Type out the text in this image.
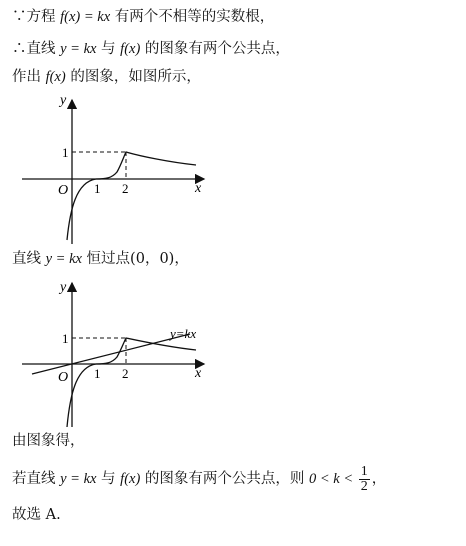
∵方程 f(x) = kx 有两个不相等的实数根，
∴直线 y = kx 与 f(x) 的图象有两个公共点，
作出 f(x) 的图象，如图所示，
y
x
O 1 2
1
直线 y = kx 恒过点(0，0)，
y
x
O 1 2
1	y=kx
由图象得，
若直线 y = kx 与 f(x) 的图象有两个公共点，则 $0 < k < \frac{1}{2}$ ，
故选 A.
